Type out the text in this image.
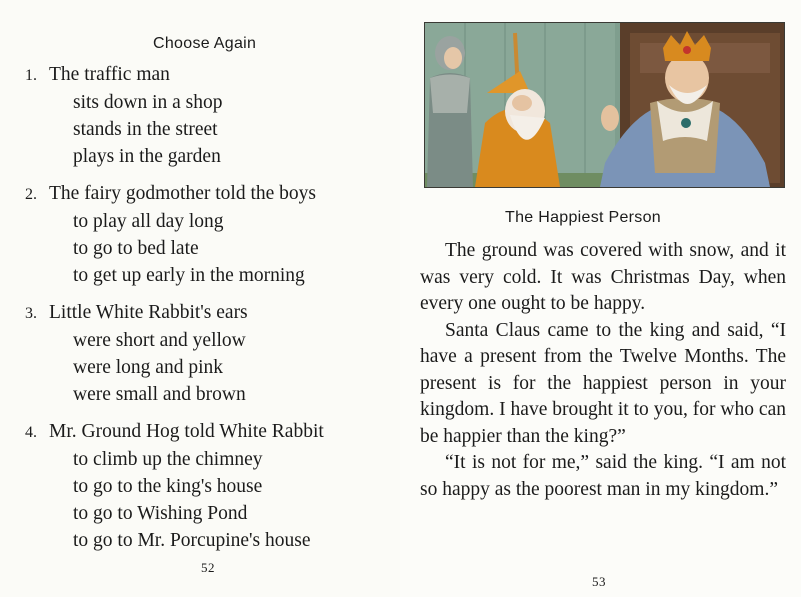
Choose Again
1. The traffic man
sits down in a shop
stands in the street
plays in the garden
2. The fairy godmother told the boys
to play all day long
to go to bed late
to get up early in the morning
3. Little White Rabbit's ears
were short and yellow
were long and pink
were small and brown
4. Mr. Ground Hog told White Rabbit
to climb up the chimney
to go to the king's house
to go to Wishing Pond
to go to Mr. Porcupine's house
52
The Happiest Person

The ground was covered with snow, and it was very cold. It was Christmas Day, when every one ought to be happy.

Santa Claus came to the king and said, “I have a present from the Twelve Months. The present is for the happiest person in your kingdom. I have brought it to you, for who can be happier than the king?”

“It is not for me,” said the king. “I am not so happy as the poorest man in my kingdom.”

53
